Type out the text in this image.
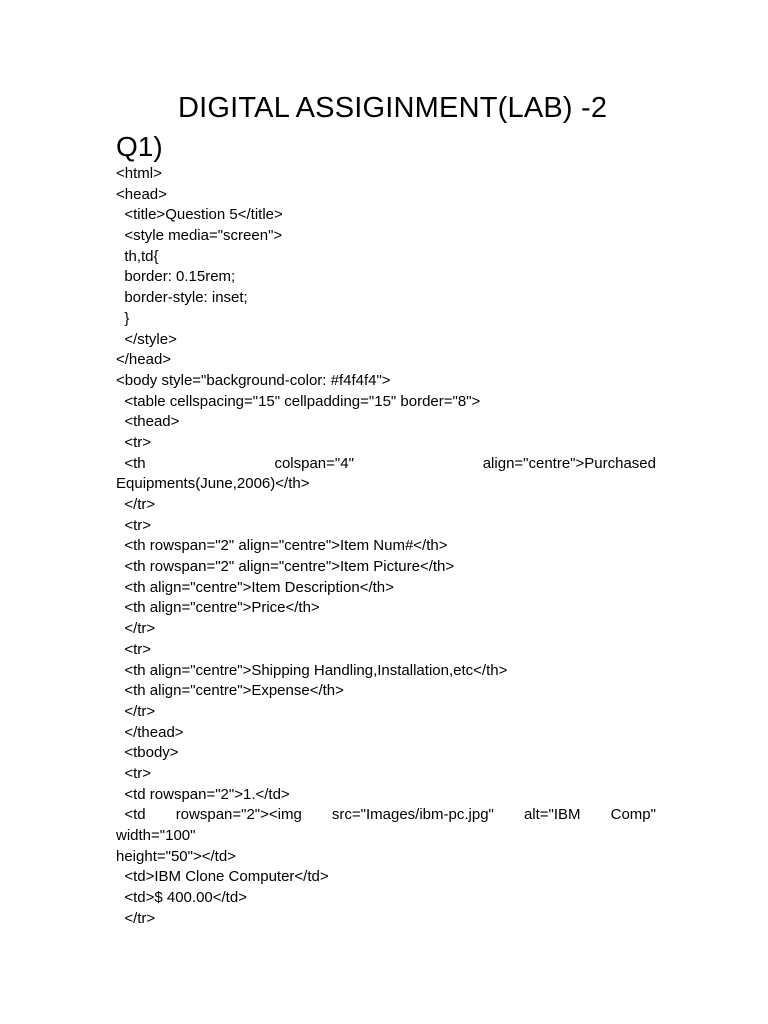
DIGITAL ASSIGINMENT(LAB) -2
Q1)
<html>
<head>
<title>Question 5</title>
<style media="screen">
th,td{
border: 0.15rem;
border-style: inset;
}
</style>
</head>
<body style="background-color: #f4f4f4">
<table cellspacing="15" cellpadding="15" border="8">
<thead>
<tr>
<th	colspan="4"	align="centre">Purchased
Equipments(June,2006)</th>
</tr>
<tr>
<th rowspan="2" align="centre">Item Num#</th>
<th rowspan="2" align="centre">Item Picture</th>
<th align="centre">Item Description</th>
<th align="centre">Price</th>
</tr>
<tr>
<th align="centre">Shipping Handling,Installation,etc</th>
<th align="centre">Expense</th>
</tr>
</thead>
<tbody>
<tr>
<td rowspan="2">1.</td>
<td rowspan="2"><img src="Images/ibm-pc.jpg" alt="IBM Comp"
width="100"
height="50"></td>
<td>IBM Clone Computer</td>
<td>$ 400.00</td>
</tr>
